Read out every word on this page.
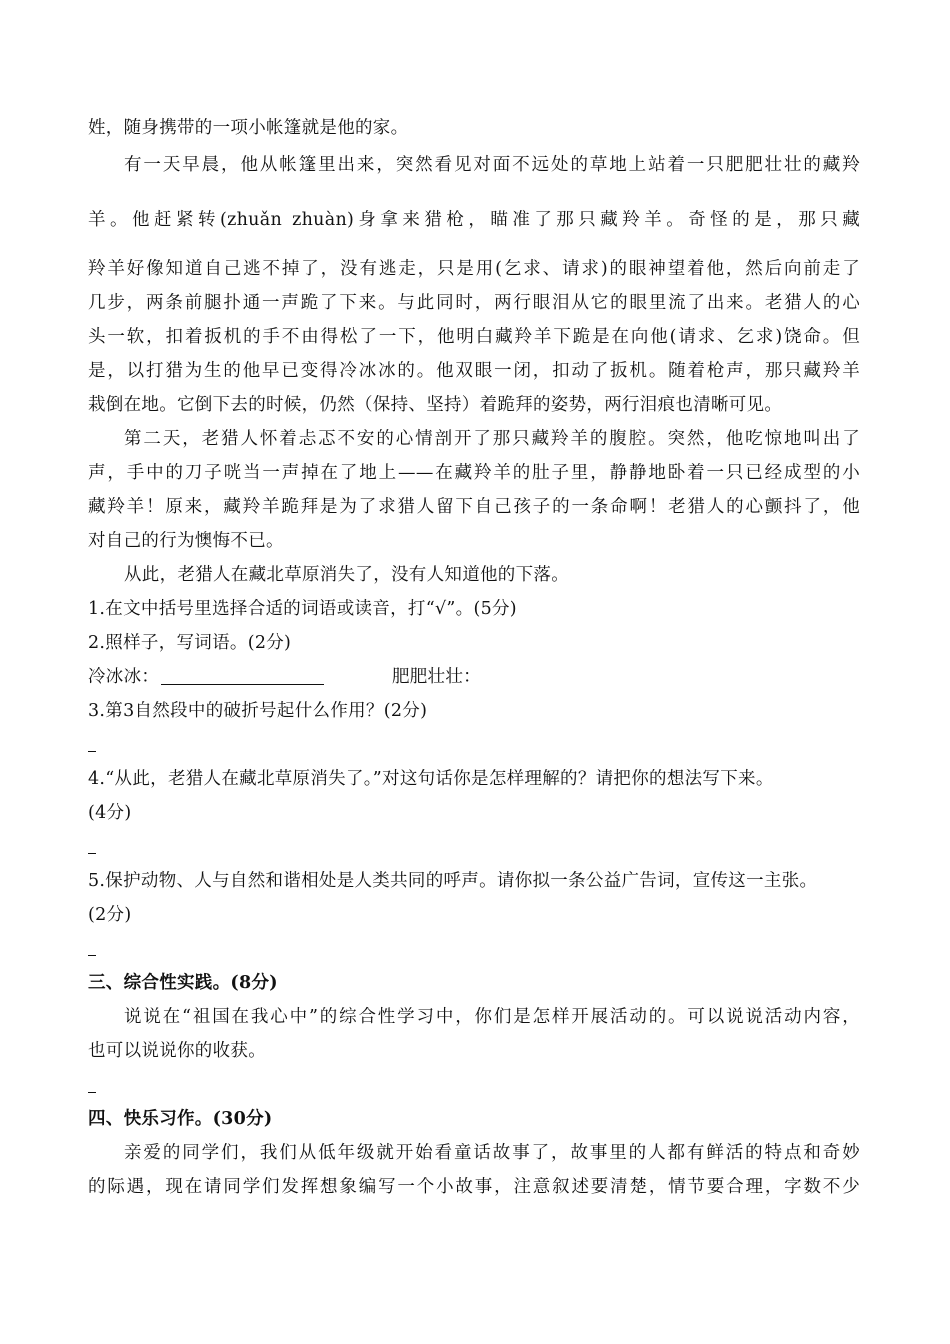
姓，随身携带的一项小帐篷就是他的家。
有一天早晨，他从帐篷里出来，突然看见对面不远处的草地上站着一只肥肥壮壮的藏羚
羊。他赶紧转(zhuǎn zhuàn)身拿来猎枪，瞄准了那只藏羚羊。奇怪的是，那只藏
羚羊好像知道自己逃不掉了，没有逃走，只是用(乞求、请求)的眼神望着他，然后向前走了
几步，两条前腿扑通一声跪了下来。与此同时，两行眼泪从它的眼里流了出来。老猎人的心
头一软，扣着扳机的手不由得松了一下，他明白藏羚羊下跪是在向他(请求、乞求)饶命。但
是，以打猎为生的他早已变得冷冰冰的。他双眼一闭，扣动了扳机。随着枪声，那只藏羚羊
栽倒在地。它倒下去的时候，仍然（保持、坚持）着跪拜的姿势，两行泪痕也清晰可见。
第二天，老猎人怀着忐忑不安的心情剖开了那只藏羚羊的腹腔。突然，他吃惊地叫出了
声，手中的刀子咣当一声掉在了地上——在藏羚羊的肚子里，静静地卧着一只已经成型的小
藏羚羊！原来，藏羚羊跪拜是为了求猎人留下自己孩子的一条命啊！老猎人的心颤抖了，他
对自己的行为懊悔不已。
从此，老猎人在藏北草原消失了，没有人知道他的下落。
1.在文中括号里选择合适的词语或读音，打“√”。(5分)
2.照样子，写词语。(2分)
冷冰冰：	肥肥壮壮：
3.第3自然段中的破折号起什么作用？(2分)
4.“从此，老猎人在藏北草原消失了。”对这句话你是怎样理解的？请把你的想法写下来。
(4分)
5.保护动物、人与自然和谐相处是人类共同的呼声。请你拟一条公益广告词，宣传这一主张。
(2分)
三、综合性实践。(8分)
说说在“祖国在我心中”的综合性学习中，你们是怎样开展活动的。可以说说活动内容，
也可以说说你的收获。
四、快乐习作。(30分)
亲爱的同学们，我们从低年级就开始看童话故事了，故事里的人都有鲜活的特点和奇妙
的际遇，现在请同学们发挥想象编写一个小故事，注意叙述要清楚，情节要合理，字数不少
